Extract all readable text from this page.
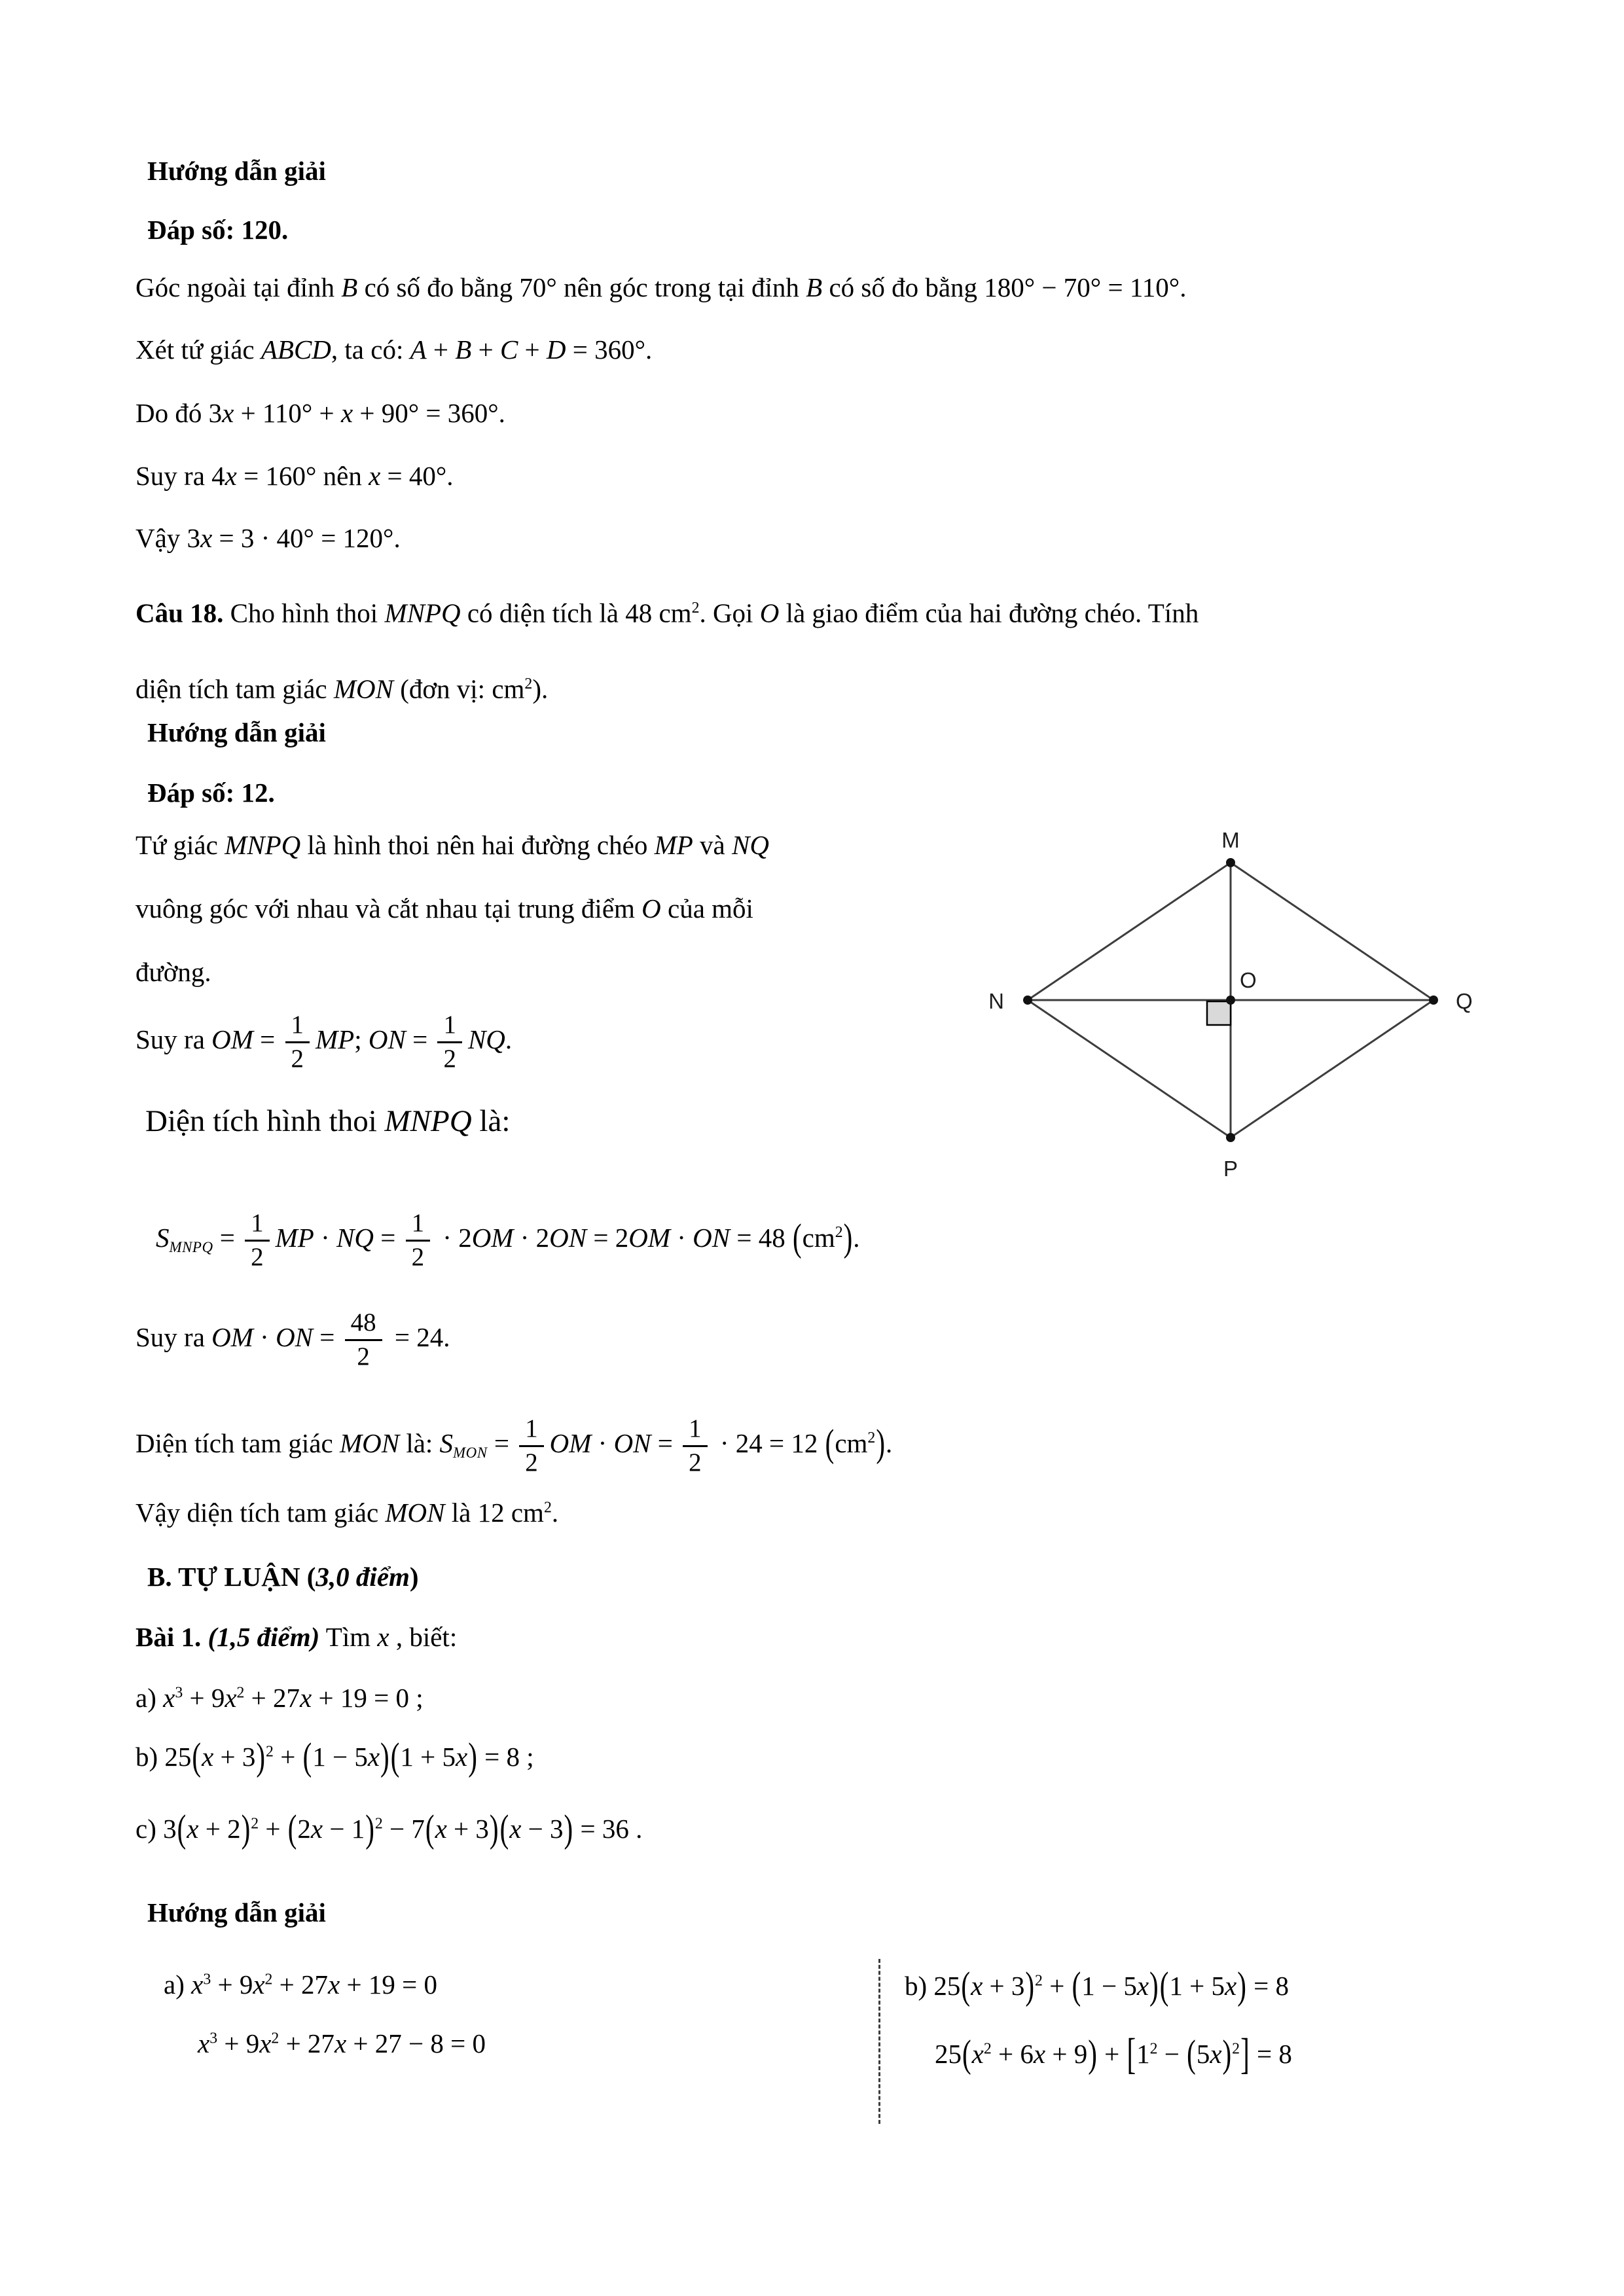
Hướng dẫn giải
Đáp số: 120.
Góc ngoài tại đỉnh B có số đo bằng 70° nên góc trong tại đỉnh B có số đo bằng 180° − 70° = 110°.
Xét tứ giác ABCD, ta có: A + B + C + D = 360°.
Do đó 3x + 110° + x + 90° = 360°.
Suy ra 4x = 160° nên x = 40°.
Vậy 3x = 3 · 40° = 120°.
Câu 18. Cho hình thoi MNPQ có diện tích là 48 $cm^2$. Gọi O là giao điểm của hai đường chéo. Tính
diện tích tam giác MON (đơn vị: $cm^2$).
Hướng dẫn giải
Đáp số: 12.
Tứ giác MNPQ là hình thoi nên hai đường chéo MP và NQ
vuông góc với nhau và cắt nhau tại trung điểm O của mỗi
đường.
M
N	Q
P
O
Suy ra OM = $\frac{1}{2}$ MP; ON = $\frac{1}{2}$ NQ.
Diện tích hình thoi MNPQ là:
SMNPQ = $\frac{1}{2}$ MP · NQ = $\frac{1}{2} \cdot 2OM \cdot 2ON = 2OM$ · ON = 48 $(cm^2)$.
Suy ra OM · ON = $\frac{48}{2} = 24$.
Diện tích tam giác MON là: SMON = $\frac{1}{2}$ OM · ON = $\frac{1}{2} \cdot 24 = 12$ $(cm^2)$.
Vậy diện tích tam giác MON là 12 $cm^2$.
B. TỰ LUẬN (3,0 điểm)
Bài 1. (1,5 điểm) Tìm x , biết:
a) $x^3 + 9x^2 + 27x + 19 = 0$ ;
b) $25(x + 3)^2 + (1 - 5x)(1 + 5x) = 8$ ;
c) $3(x + 2)^2 + (2x - 1)^2 - 7(x + 3)(x - 3) = 36$ .
Hướng dẫn giải
a) $x^3 + 9x^2 + 27x + 19 = 0$
$x^3 + 9x^2 + 27x + 27 - 8 = 0$
b) $25(x + 3)^2 + (1 - 5x)(1 + 5x) = 8$
$25(x^2 + 6x + 9) + [1^2 - (5x)^2] = 8$
